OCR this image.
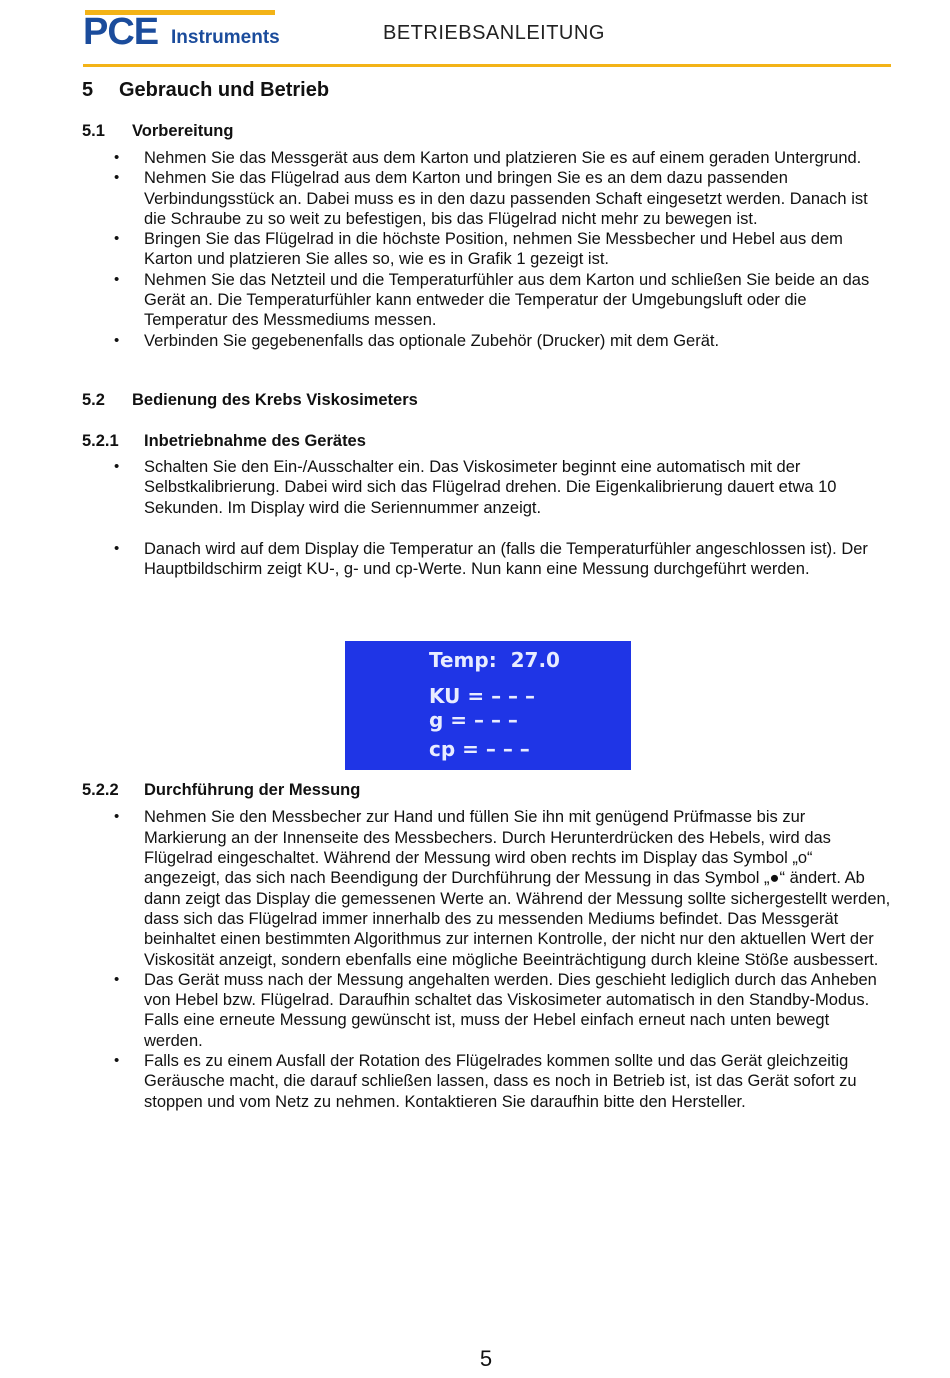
PCE Instruments	BETRIEBSANLEITUNG
5 Gebrauch und Betrieb
5.1 Vorbereitung
• Nehmen Sie das Messgerät aus dem Karton und platzieren Sie es auf einem geraden Untergrund.
• Nehmen Sie das Flügelrad aus dem Karton und bringen Sie es an dem dazu passenden Verbindungsstück an. Dabei muss es in den dazu passenden Schaft eingesetzt werden. Danach ist die Schraube zu so weit zu befestigen, bis das Flügelrad nicht mehr zu bewegen ist.
• Bringen Sie das Flügelrad in die höchste Position, nehmen Sie Messbecher und Hebel aus dem Karton und platzieren Sie alles so, wie es in Grafik 1 gezeigt ist.
• Nehmen Sie das Netzteil und die Temperaturfühler aus dem Karton und schließen Sie beide an das Gerät an. Die Temperaturfühler kann entweder die Temperatur der Umgebungsluft oder die Temperatur des Messmediums messen.
• Verbinden Sie gegebenenfalls das optionale Zubehör (Drucker) mit dem Gerät.
5.2 Bedienung des Krebs Viskosimeters
5.2.1 Inbetriebnahme des Gerätes
• Schalten Sie den Ein-/Ausschalter ein. Das Viskosimeter beginnt eine automatisch mit der Selbstkalibrierung. Dabei wird sich das Flügelrad drehen. Die Eigenkalibrierung dauert etwa 10 Sekunden. Im Display wird die Seriennummer anzeigt.
• Danach wird auf dem Display die Temperatur an (falls die Temperaturfühler angeschlossen ist). Der Hauptbildschirm zeigt KU-, g- und cp-Werte. Nun kann eine Messung durchgeführt werden.
5.2.2 Durchführung der Messung
• Nehmen Sie den Messbecher zur Hand und füllen Sie ihn mit genügend Prüfmasse bis zur Markierung an der Innenseite des Messbechers. Durch Herunterdrücken des Hebels, wird das Flügelrad eingeschaltet. Während der Messung wird oben rechts im Display das Symbol „o“ angezeigt, das sich nach Beendigung der Durchführung der Messung in das Symbol „●“ ändert. Ab dann zeigt das Display die gemessenen Werte an. Während der Messung sollte sichergestellt werden, dass sich das Flügelrad immer innerhalb des zu messenden Mediums befindet. Das Messgerät beinhaltet einen bestimmten Algorithmus zur internen Kontrolle, der nicht nur den aktuellen Wert der Viskosität anzeigt, sondern ebenfalls eine mögliche Beeinträchtigung durch kleine Stöße ausbessert.
• Das Gerät muss nach der Messung angehalten werden. Dies geschieht lediglich durch das Anheben von Hebel bzw. Flügelrad. Daraufhin schaltet das Viskosimeter automatisch in den Standby-Modus. Falls eine erneute Messung gewünscht ist, muss der Hebel einfach erneut nach unten bewegt werden.
• Falls es zu einem Ausfall der Rotation des Flügelrades kommen sollte und das Gerät gleichzeitig Geräusche macht, die darauf schließen lassen, dass es noch in Betrieb ist, ist das Gerät sofort zu stoppen und vom Netz zu nehmen. Kontaktieren Sie daraufhin bitte den Hersteller.
Temp:  27.0
KU = – – –
g = – – –
cp = – – –
5
